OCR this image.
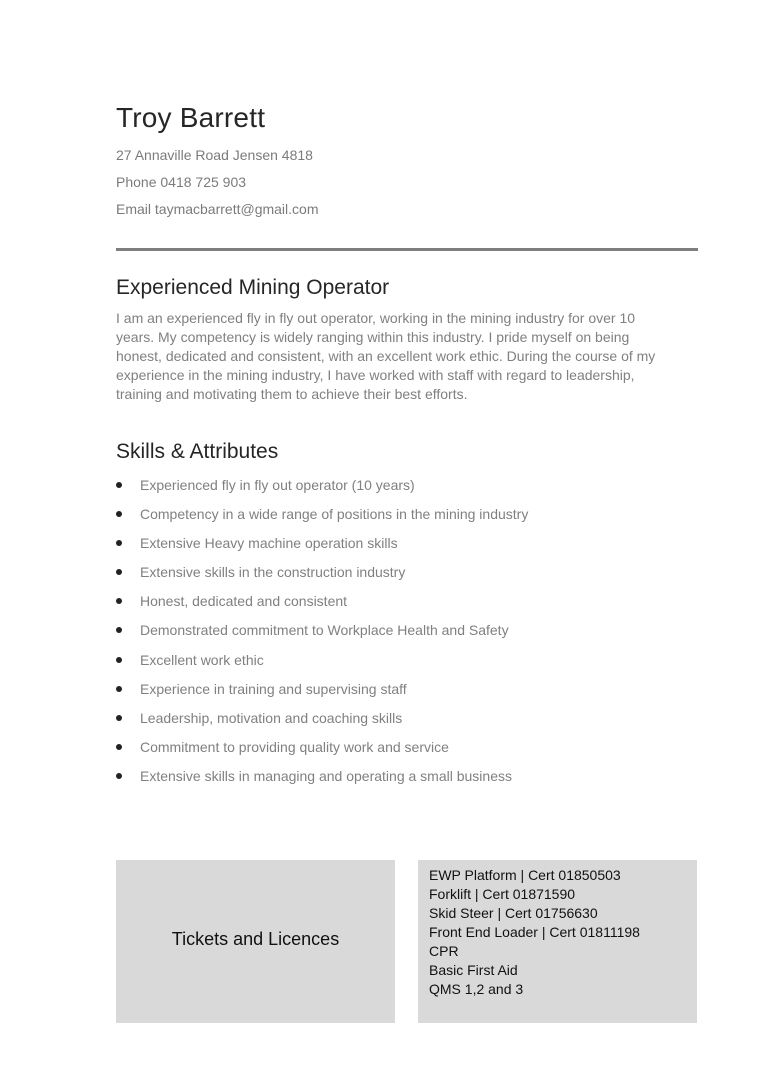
Troy Barrett
27 Annaville Road Jensen 4818
Phone 0418 725 903
Email taymacbarrett@gmail.com
Experienced Mining Operator
I am an experienced fly in fly out operator, working in the mining industry for over 10 years. My competency is widely ranging within this industry. I pride myself on being honest, dedicated and consistent, with an excellent work ethic. During the course of my experience in the mining industry, I have worked with staff with regard to leadership, training and motivating them to achieve their best efforts.
Skills & Attributes
Experienced fly in fly out operator (10 years)
Competency in a wide range of positions in the mining industry
Extensive Heavy machine operation skills
Extensive skills in the construction industry
Honest, dedicated and consistent
Demonstrated commitment to Workplace Health and Safety
Excellent work ethic
Experience in training and supervising staff
Leadership, motivation and coaching skills
Commitment to providing quality work and service
Extensive skills in managing and operating a small business
Tickets and Licences
EWP Platform | Cert 01850503
Forklift | Cert 01871590
Skid Steer | Cert 01756630
Front End Loader | Cert 01811198
CPR
Basic First Aid
QMS 1,2 and 3
